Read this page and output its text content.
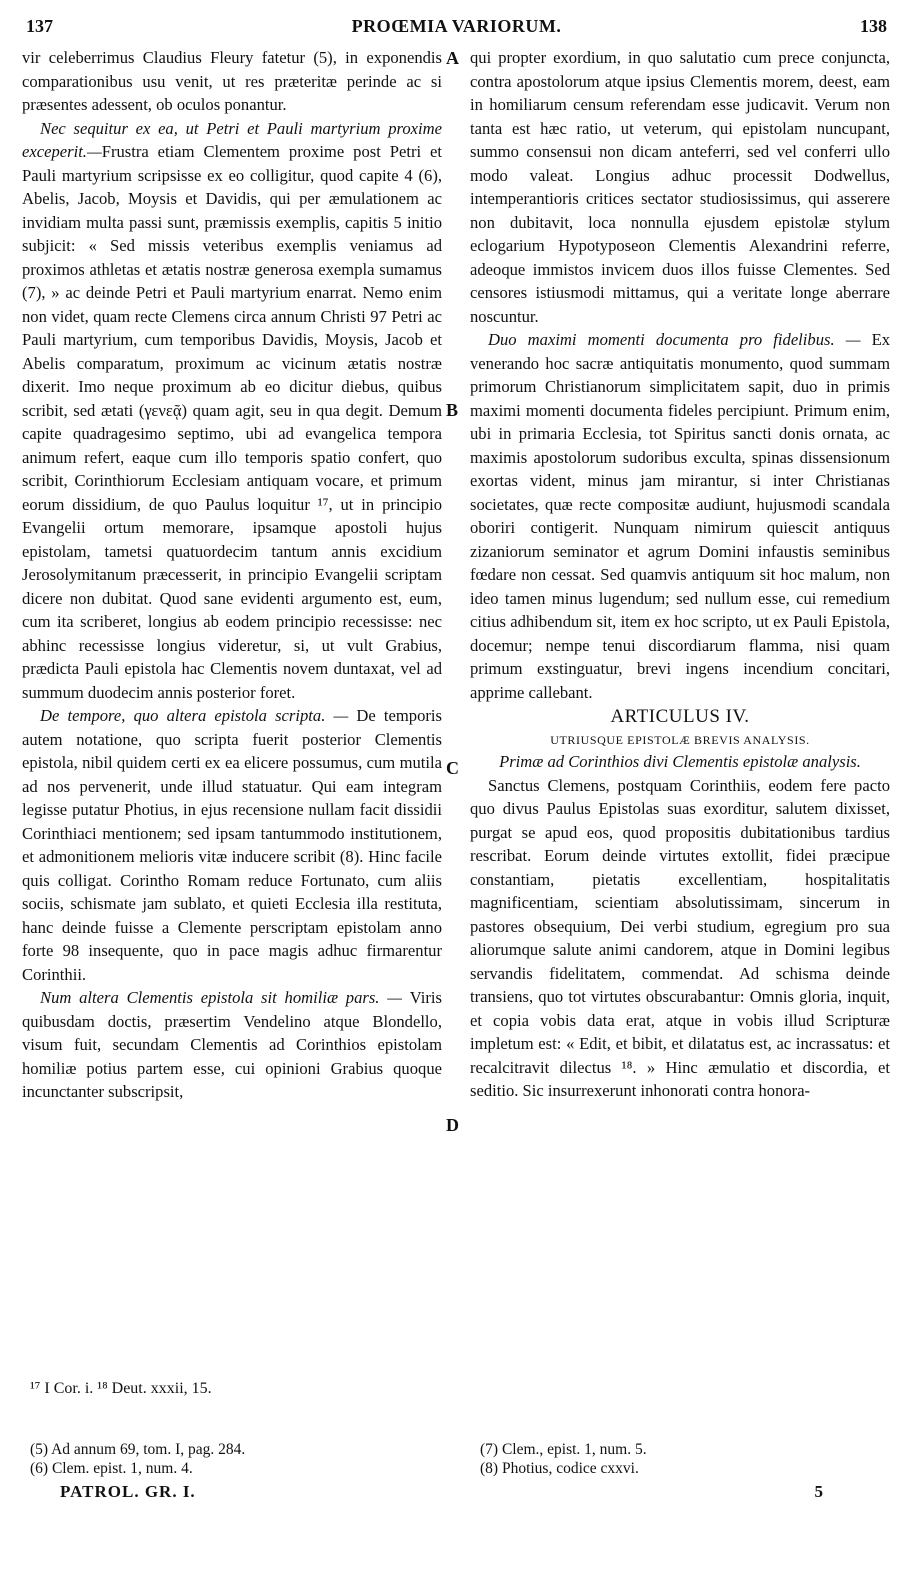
137	PROŒMIA VARIORUM.	138

vir celeberrimus Claudius Fleury fatetur (5), in exponendis comparationibus usu venit, ut res præteritæ perinde ac si præsentes adessent, ob oculos ponantur.

Nec sequitur ex ea, ut Petri et Pauli martyrium proxime exceperit.—Frustra etiam Clementem proxime post Petri et Pauli martyrium scripsisse ex eo colligitur, quod capite 4 (6), Abelis, Jacob, Moysis et Davidis, qui per æmulationem ac invidiam multa passi sunt, præmissis exemplis, capitis 5 initio subjicit: « Sed missis veteribus exemplis veniamus ad proximos athletas et ætatis nostræ generosa exempla sumamus (7), » ac deinde Petri et Pauli martyrium enarrat. Nemo enim non videt, quam recte Clemens circa annum Christi 97 Petri ac Pauli martyrium, cum temporibus Davidis, Moysis, Jacob et Abelis comparatum, proximum ac vicinum ætatis nostræ dixerit. Imo neque proximum ab eo dicitur diebus, quibus scribit, sed ætati (γενεᾷ) quam agit, seu in qua degit. Demum capite quadragesimo septimo, ubi ad evangelica tempora animum refert, eaque cum illo temporis spatio confert, quo scribit, Corinthiorum Ecclesiam antiquam vocare, et primum eorum dissidium, de quo Paulus loquitur ¹⁷, ut in principio Evangelii ortum memorare, ipsamque apostoli hujus epistolam, tametsi quatuordecim tantum annis excidium Jerosolymitanum præcesserit, in principio Evangelii scriptam dicere non dubitat. Quod sane evidenti argumento est, eum, cum ita scriberet, longius ab eodem principio recessisse: nec abhinc recessisse longius videretur, si, ut vult Grabius, prædicta Pauli epistola hac Clementis novem duntaxat, vel ad summum duodecim annis posterior foret.

De tempore, quo altera epistola scripta. — De temporis autem notatione, quo scripta fuerit posterior Clementis epistola, nibil quidem certi ex ea elicere possumus, cum mutila ad nos pervenerit, unde illud statuatur. Qui eam integram legisse putatur Photius, in ejus recensione nullam facit dissidii Corinthiaci mentionem; sed ipsam tantummodo institutionem, et admonitionem melioris vitæ inducere scribit (8). Hinc facile quis colligat. Corintho Romam reduce Fortunato, cum aliis sociis, schismate jam sublato, et quieti Ecclesia illa restituta, hanc deinde fuisse a Clemente perscriptam epistolam anno forte 98 insequente, quo in pace magis adhuc firmarentur Corinthii.

Num altera Clementis epistola sit homiliæ pars. — Viris quibusdam doctis, præsertim Vendelino atque Blondello, visum fuit, secundam Clementis ad Corinthios epistolam homiliæ potius partem esse, cui opinioni Grabius quoque incunctanter subscripsit,

A
B
C
D

qui propter exordium, in quo salutatio cum prece conjuncta, contra apostolorum atque ipsius Clementis morem, deest, eam in homiliarum censum referendam esse judicavit. Verum non tanta est hæc ratio, ut veterum, qui epistolam nuncupant, summo consensui non dicam anteferri, sed vel conferri ullo modo valeat. Longius adhuc processit Dodwellus, intemperantioris critices sectator studiosissimus, qui asserere non dubitavit, loca nonnulla ejusdem epistolæ stylum eclogarium Hypotyposeon Clementis Alexandrini referre, adeoque immistos invicem duos illos fuisse Clementes. Sed censores istiusmodi mittamus, qui a veritate longe aberrare noscuntur.

Duo maximi momenti documenta pro fidelibus. — Ex venerando hoc sacræ antiquitatis monumento, quod summam primorum Christianorum simplicitatem sapit, duo in primis maximi momenti documenta fideles percipiunt. Primum enim, ubi in primaria Ecclesia, tot Spiritus sancti donis ornata, ac maximis apostolorum sudoribus exculta, spinas dissensionum exortas vident, minus jam mirantur, si inter Christianas societates, quæ recte compositæ audiunt, hujusmodi scandala oboriri contigerit. Nunquam nimirum quiescit antiquus zizaniorum seminator et agrum Domini infaustis seminibus fœdare non cessat. Sed quamvis antiquum sit hoc malum, non ideo tamen minus lugendum; sed nullum esse, cui remedium citius adhibendum sit, item ex hoc scripto, ut ex Pauli Epistola, docemur; nempe tenui discordiarum flamma, nisi quam primum exstinguatur, brevi ingens incendium concitari, apprime callebant.

ARTICULUS IV.

UTRIUSQUE EPISTOLÆ BREVIS ANALYSIS.

Primæ ad Corinthios divi Clementis epistolæ analysis.

Sanctus Clemens, postquam Corinthiis, eodem fere pacto quo divus Paulus Epistolas suas exorditur, salutem dixisset, purgat se apud eos, quod propositis dubitationibus tardius rescribat. Eorum deinde virtutes extollit, fidei præcipue constantiam, pietatis excellentiam, hospitalitatis magnificentiam, scientiam absolutissimam, sincerum in pastores obsequium, Dei verbi studium, egregium pro sua aliorumque salute animi candorem, atque in Domini legibus servandis fidelitatem, commendat. Ad schisma deinde transiens, quo tot virtutes obscurabantur: Omnis gloria, inquit, et copia vobis data erat, atque in vobis illud Scripturæ impletum est: « Edit, et bibit, et dilatatus est, ac incrassatus: et recalcitravit dilectus ¹⁸. » Hinc æmulatio et discordia, et seditio. Sic insurrexerunt inhonorati contra honora-

¹⁷ I Cor. i. ¹⁸ Deut. xxxii, 15.
(5) Ad annum 69, tom. I, pag. 284.
(6) Clem. epist. 1, num. 4.
(7) Clem., epist. 1, num. 5.
(8) Photius, codice cxxvi.
PATROL. GR. I.	5
